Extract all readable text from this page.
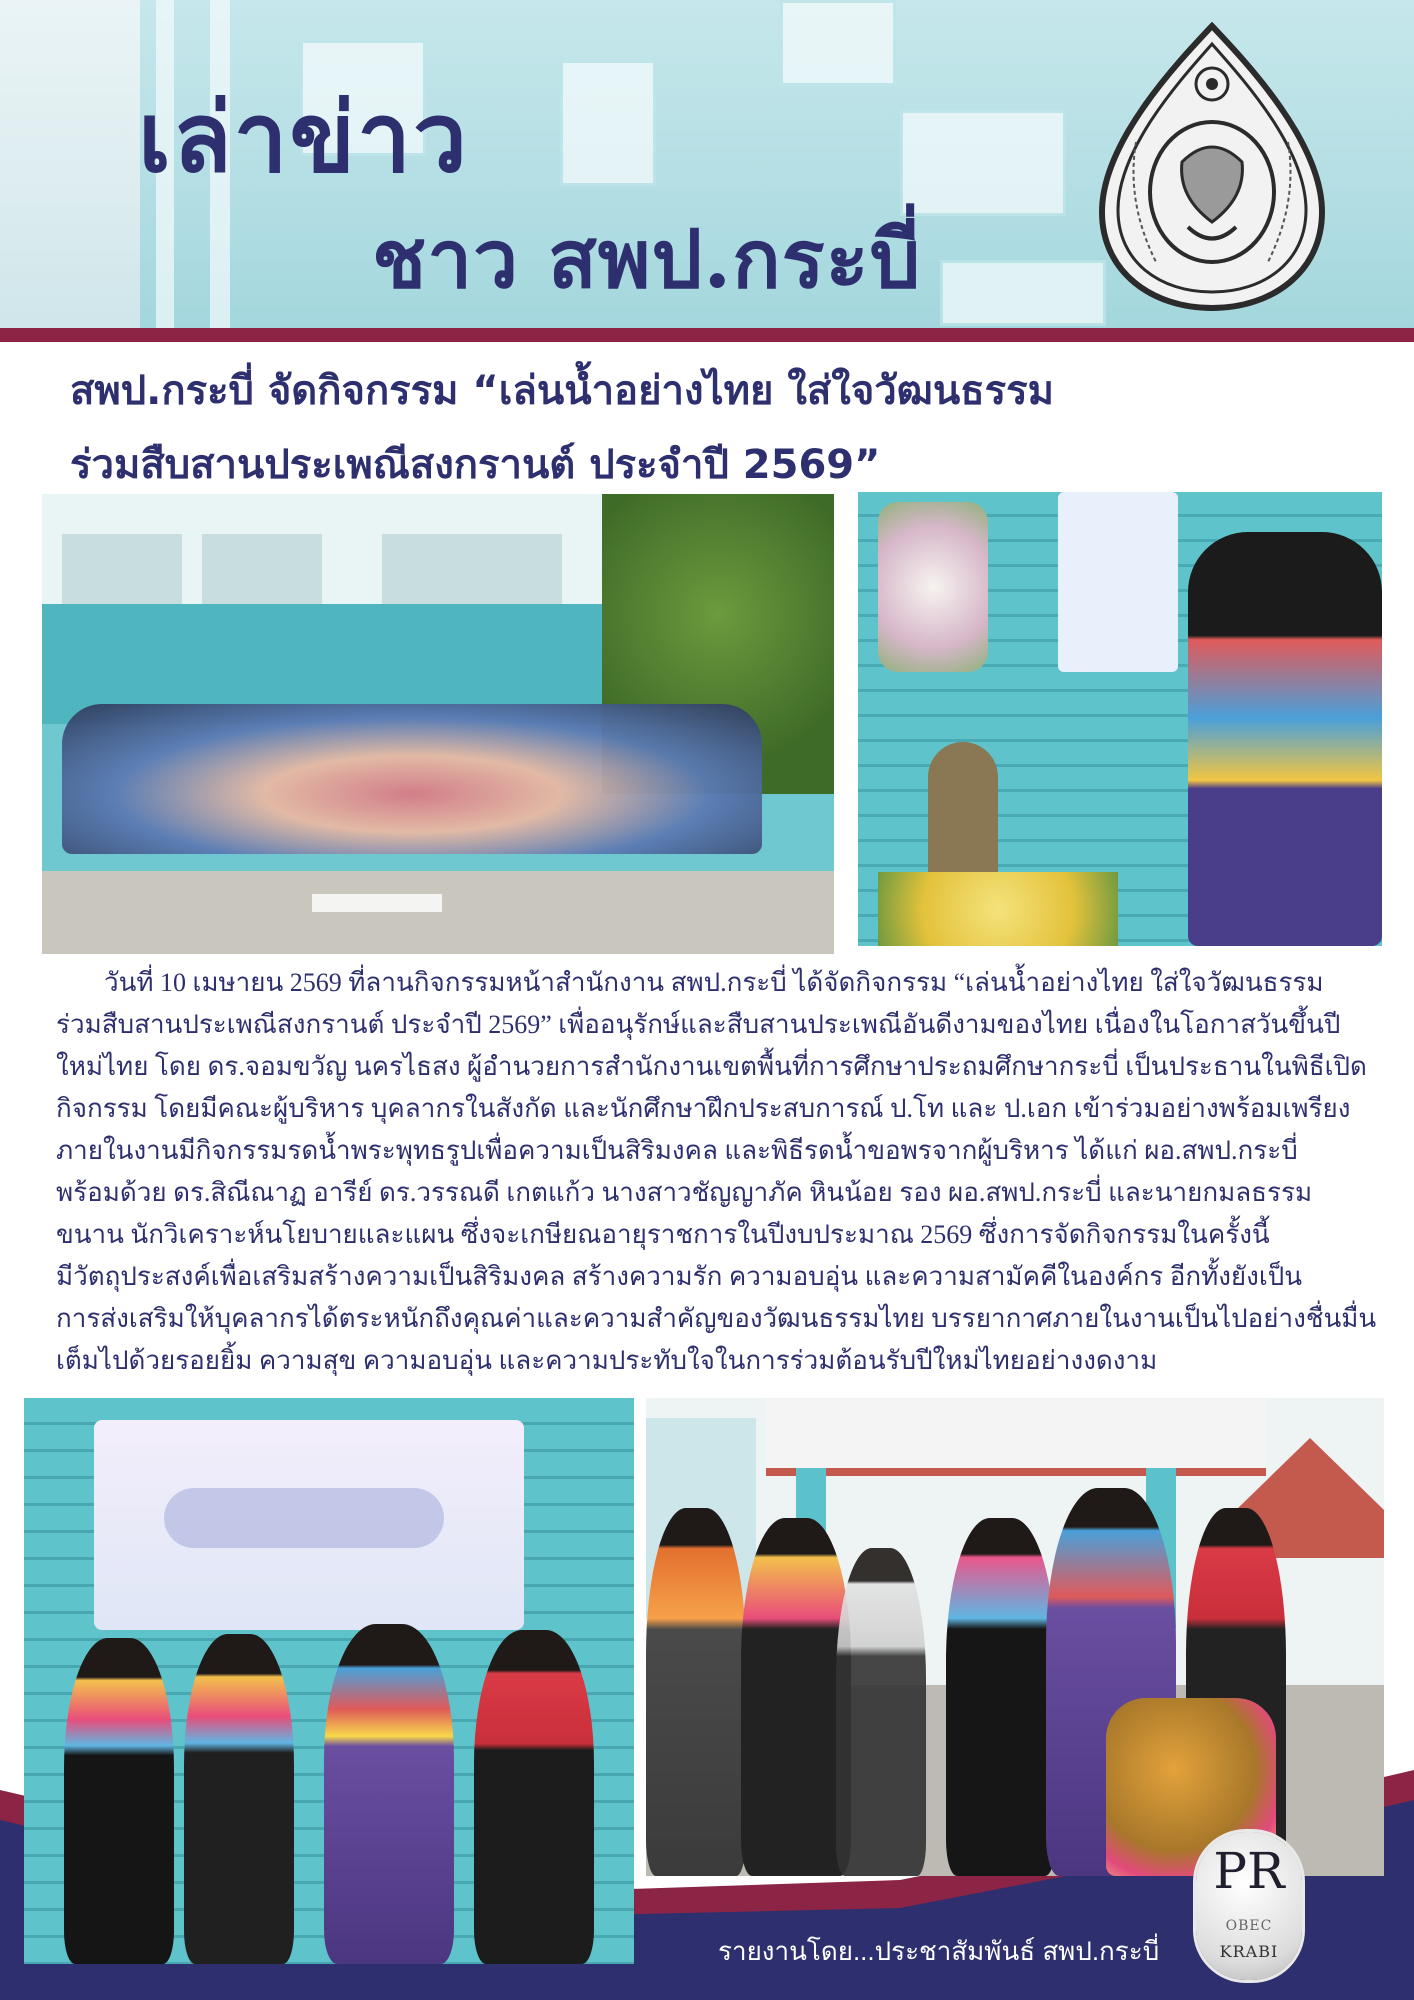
เล่าข่าว
ชาว สพป.กระบี่
สพป.กระบี่ จัดกิจกรรม “เล่นน้ำอย่างไทย ใส่ใจวัฒนธรรม
ร่วมสืบสานประเพณีสงกรานต์ ประจำปี 2569”
วันที่ 10 เมษายน 2569 ที่ลานกิจกรรมหน้าสำนักงาน สพป.กระบี่ ได้จัดกิจกรรม “เล่นน้ำอย่างไทย ใส่ใจวัฒนธรรม
ร่วมสืบสานประเพณีสงกรานต์ ประจำปี 2569” เพื่ออนุรักษ์และสืบสานประเพณีอันดีงามของไทย เนื่องในโอกาสวันขึ้นปี
ใหม่ไทย โดย ดร.จอมขวัญ นครไธสง ผู้อำนวยการสำนักงานเขตพื้นที่การศึกษาประถมศึกษากระบี่ เป็นประธานในพิธีเปิด
กิจกรรม โดยมีคณะผู้บริหาร บุคลากรในสังกัด และนักศึกษาฝึกประสบการณ์ ป.โท และ ป.เอก เข้าร่วมอย่างพร้อมเพรียง
ภายในงานมีกิจกรรมรดน้ำพระพุทธรูปเพื่อความเป็นสิริมงคล และพิธีรดน้ำขอพรจากผู้บริหาร ได้แก่ ผอ.สพป.กระบี่
พร้อมด้วย ดร.สิณีณาฏ อารีย์ ดร.วรรณดี เกตแก้ว นางสาวชัญญาภัค หินน้อย รอง ผอ.สพป.กระบี่ และนายกมลธรรม
ขนาน นักวิเคราะห์นโยบายและแผน ซึ่งจะเกษียณอายุราชการในปีงบประมาณ 2569 ซึ่งการจัดกิจกรรมในครั้งนี้
มีวัตถุประสงค์เพื่อเสริมสร้างความเป็นสิริมงคล สร้างความรัก ความอบอุ่น และความสามัคคีในองค์กร อีกทั้งยังเป็น
การส่งเสริมให้บุคลากรได้ตระหนักถึงคุณค่าและความสำคัญของวัฒนธรรมไทย บรรยากาศภายในงานเป็นไปอย่างชื่นมื่น
เต็มไปด้วยรอยยิ้ม ความสุข ความอบอุ่น และความประทับใจในการร่วมต้อนรับปีใหม่ไทยอย่างงดงาม
รายงานโดย...ประชาสัมพันธ์ สพป.กระบี่
PR
OBEC
KRABI
